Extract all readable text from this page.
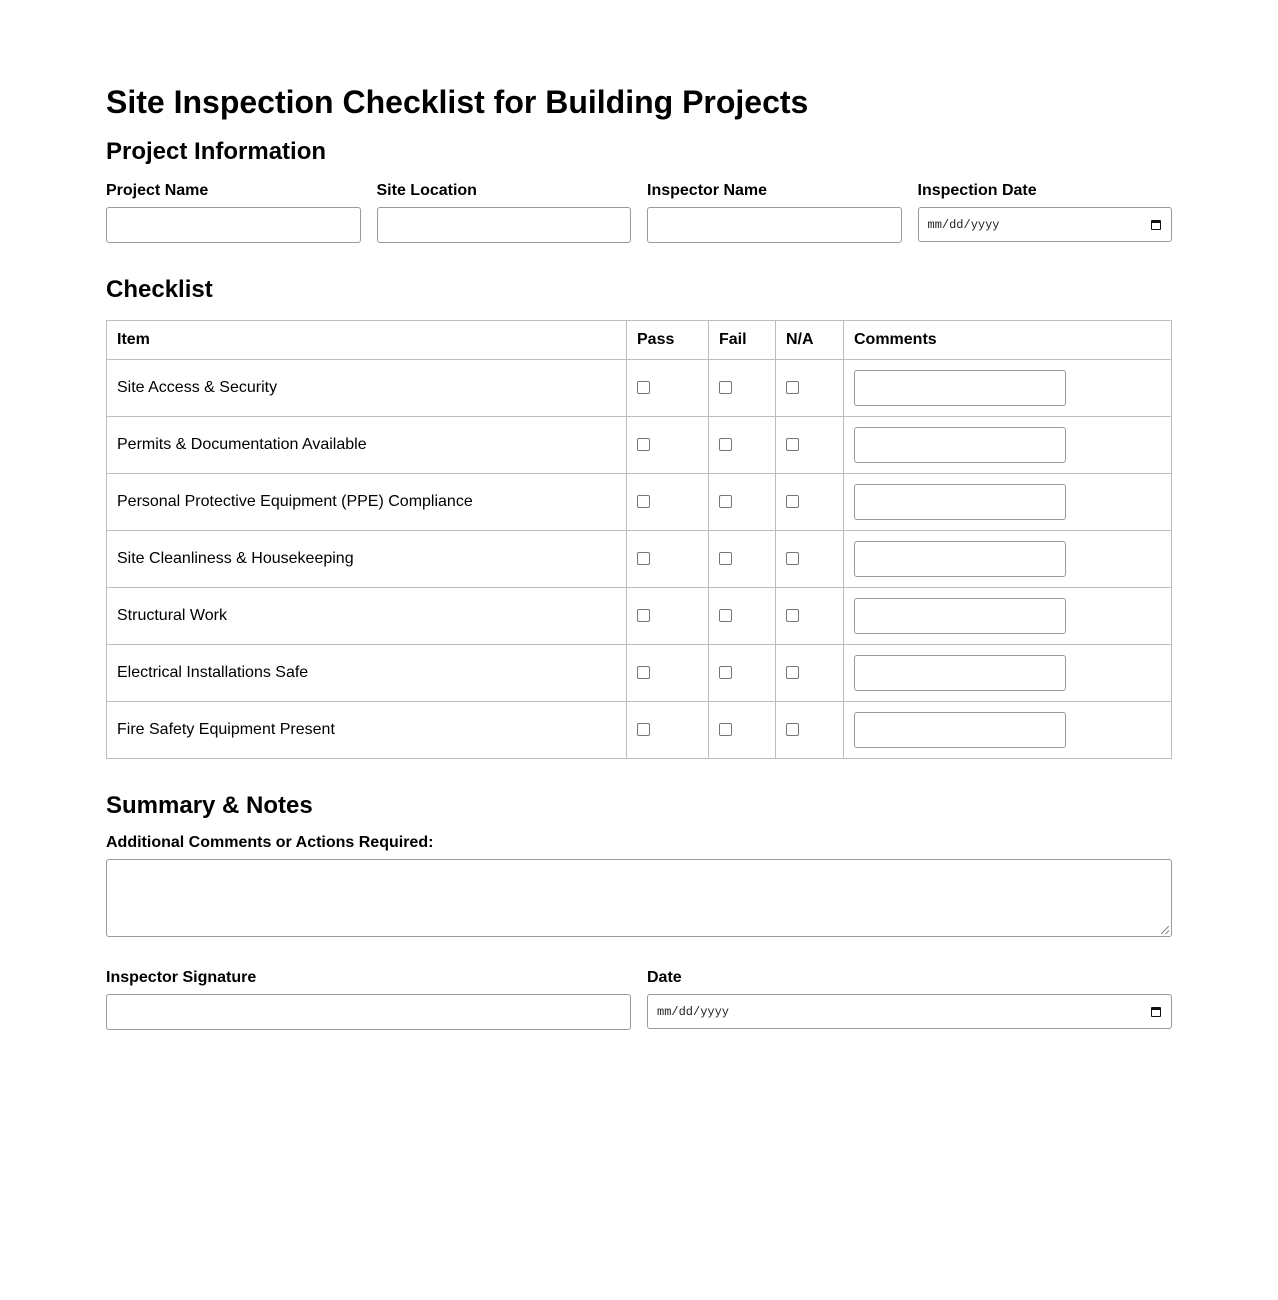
Site Inspection Checklist for Building Projects
Project Information
Project Name	Site Location	Inspector Name	Inspection Date
mm/dd/yyyy
Checklist
Item	Pass	Fail	N/A	Comments
Site Access & Security				

Permits & Documentation Available				

Personal Protective Equipment (PPE) Compliance				

Site Cleanliness & Housekeeping				

Structural Work				

Electrical Installations Safe				

Fire Safety Equipment Present				
Summary & Notes
Additional Comments or Actions Required:
Inspector Signature	Date
mm/dd/yyyy
